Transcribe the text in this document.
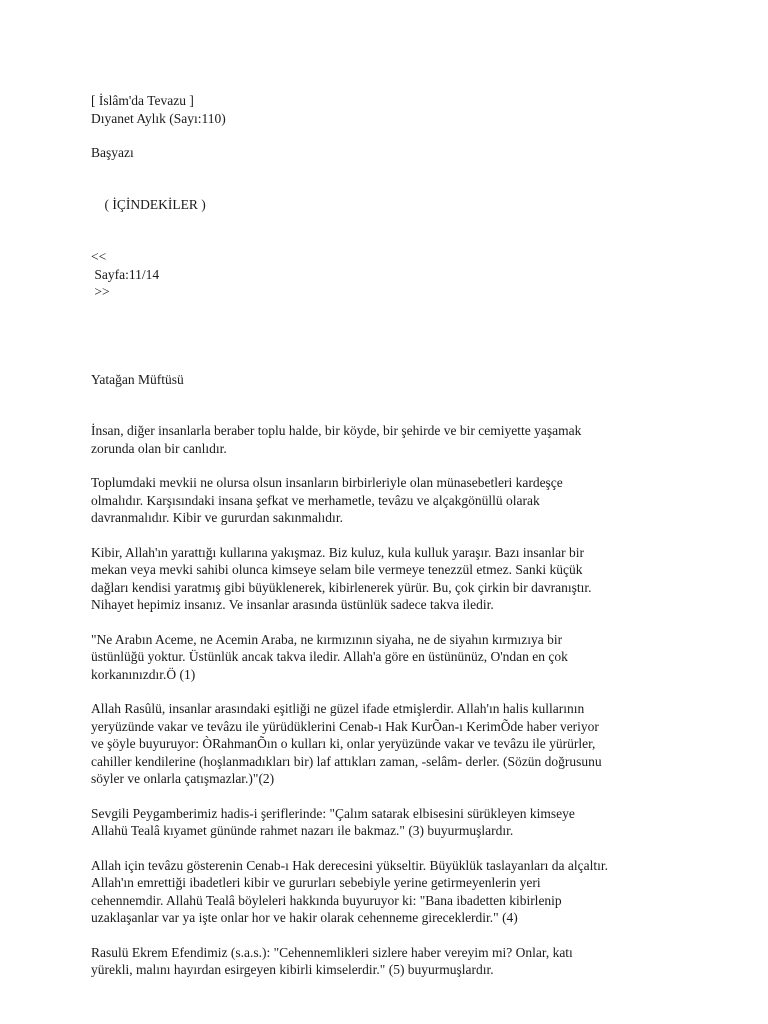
[ İslâm'da Tevazu ]
Dıyanet Aylık (Sayı:110)
Başyazı

( İÇİNDEKİLER )

<<
Sayfa:11/14
>>
Yatağan Müftüsü
İnsan, diğer insanlarla beraber toplu halde, bir köyde, bir şehirde ve bir cemiyette yaşamak
zorunda olan bir canlıdır.
Toplumdaki mevkii ne olursa olsun insanların birbirleriyle olan münasebetleri kardeşçe
olmalıdır. Karşısındaki insana şefkat ve merhametle, tevâzu ve alçakgönüllü olarak
davranmalıdır. Kibir ve gururdan sakınmalıdır.
Kibir, Allah'ın yarattığı kullarına yakışmaz. Biz kuluz, kula kulluk yaraşır. Bazı insanlar bir
mekan veya mevki sahibi olunca kimseye selam bile vermeye tenezzül etmez. Sanki küçük
dağları kendisi yaratmış gibi büyüklenerek, kibirlenerek yürür. Bu, çok çirkin bir davranıştır.
Nihayet hepimiz insanız. Ve insanlar arasında üstünlük sadece takva iledir.
"Ne Arabın Aceme, ne Acemin Araba, ne kırmızının siyaha, ne de siyahın kırmızıya bir
üstünlüğü yoktur. Üstünlük ancak takva iledir. Allah'a göre en üstününüz, O'ndan en çok
korkanınızdır.Ö (1)
Allah Rasûlü, insanlar arasındaki eşitliği ne güzel ifade etmişlerdir. Allah'ın halis kullarının
yeryüzünde vakar ve tevâzu ile yürüdüklerini Cenab-ı Hak KurÕan-ı KerimÕde haber veriyor
ve şöyle buyuruyor: ÒRahmanÕın o kulları ki, onlar yeryüzünde vakar ve tevâzu ile yürürler,
cahiller kendilerine (hoşlanmadıkları bir) laf attıkları zaman, -selâm- derler. (Sözün doğrusunu
söyler ve onlarla çatışmazlar.)"(2)
Sevgili Peygamberimiz hadis-i şeriflerinde: "Çalım satarak elbisesini sürükleyen kimseye
Allahü Tealâ kıyamet gününde rahmet nazarı ile bakmaz." (3) buyurmuşlardır.
Allah için tevâzu gösterenin Cenab-ı Hak derecesini yükseltir. Büyüklük taslayanları da alçaltır.
Allah'ın emrettiği ibadetleri kibir ve gururları sebebiyle yerine getirmeyenlerin yeri
cehennemdir. Allahü Tealâ böyleleri hakkında buyuruyor ki: "Bana ibadetten kibirlenip
uzaklaşanlar var ya işte onlar hor ve hakir olarak cehenneme gireceklerdir." (4)
Rasulü Ekrem Efendimiz (s.a.s.): "Cehennemlikleri sizlere haber vereyim mi? Onlar, katı
yürekli, malını hayırdan esirgeyen kibirli kimselerdir." (5) buyurmuşlardır.
